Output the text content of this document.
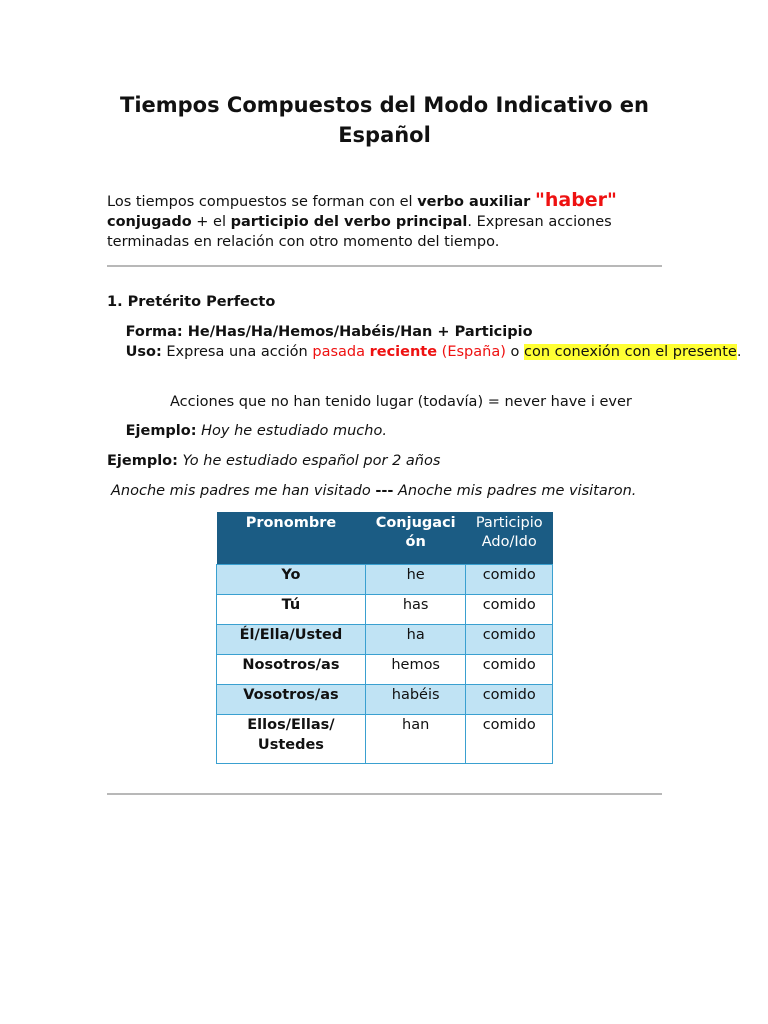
Tiempos Compuestos del Modo Indicativo en Español

Los tiempos compuestos se forman con el verbo auxiliar "haber"
conjugado + el participio del verbo principal. Expresan acciones terminadas en relación con otro momento del tiempo.

1. Pretérito Perfecto

Forma: He/Has/Ha/Hemos/Habéis/Han + Participio

Uso: Expresa una acción pasada reciente (España) o con conexión con el presente.

Acciones que no han tenido lugar (todavía) = never have i ever

Ejemplo: Hoy he estudiado mucho.

Ejemplo: Yo he estudiado español por 2 años

Anoche mis padres me han visitado --- Anoche mis padres me visitaron.

Pronombre	Conjugaci ón	Participio Ado/Ido
Yo	he	comido
Tú	has	comido
Él/Ella/Usted	ha	comido
Nosotros/as	hemos	comido
Vosotros/as	habéis	comido
Ellos/Ellas/ Ustedes	han	comido
